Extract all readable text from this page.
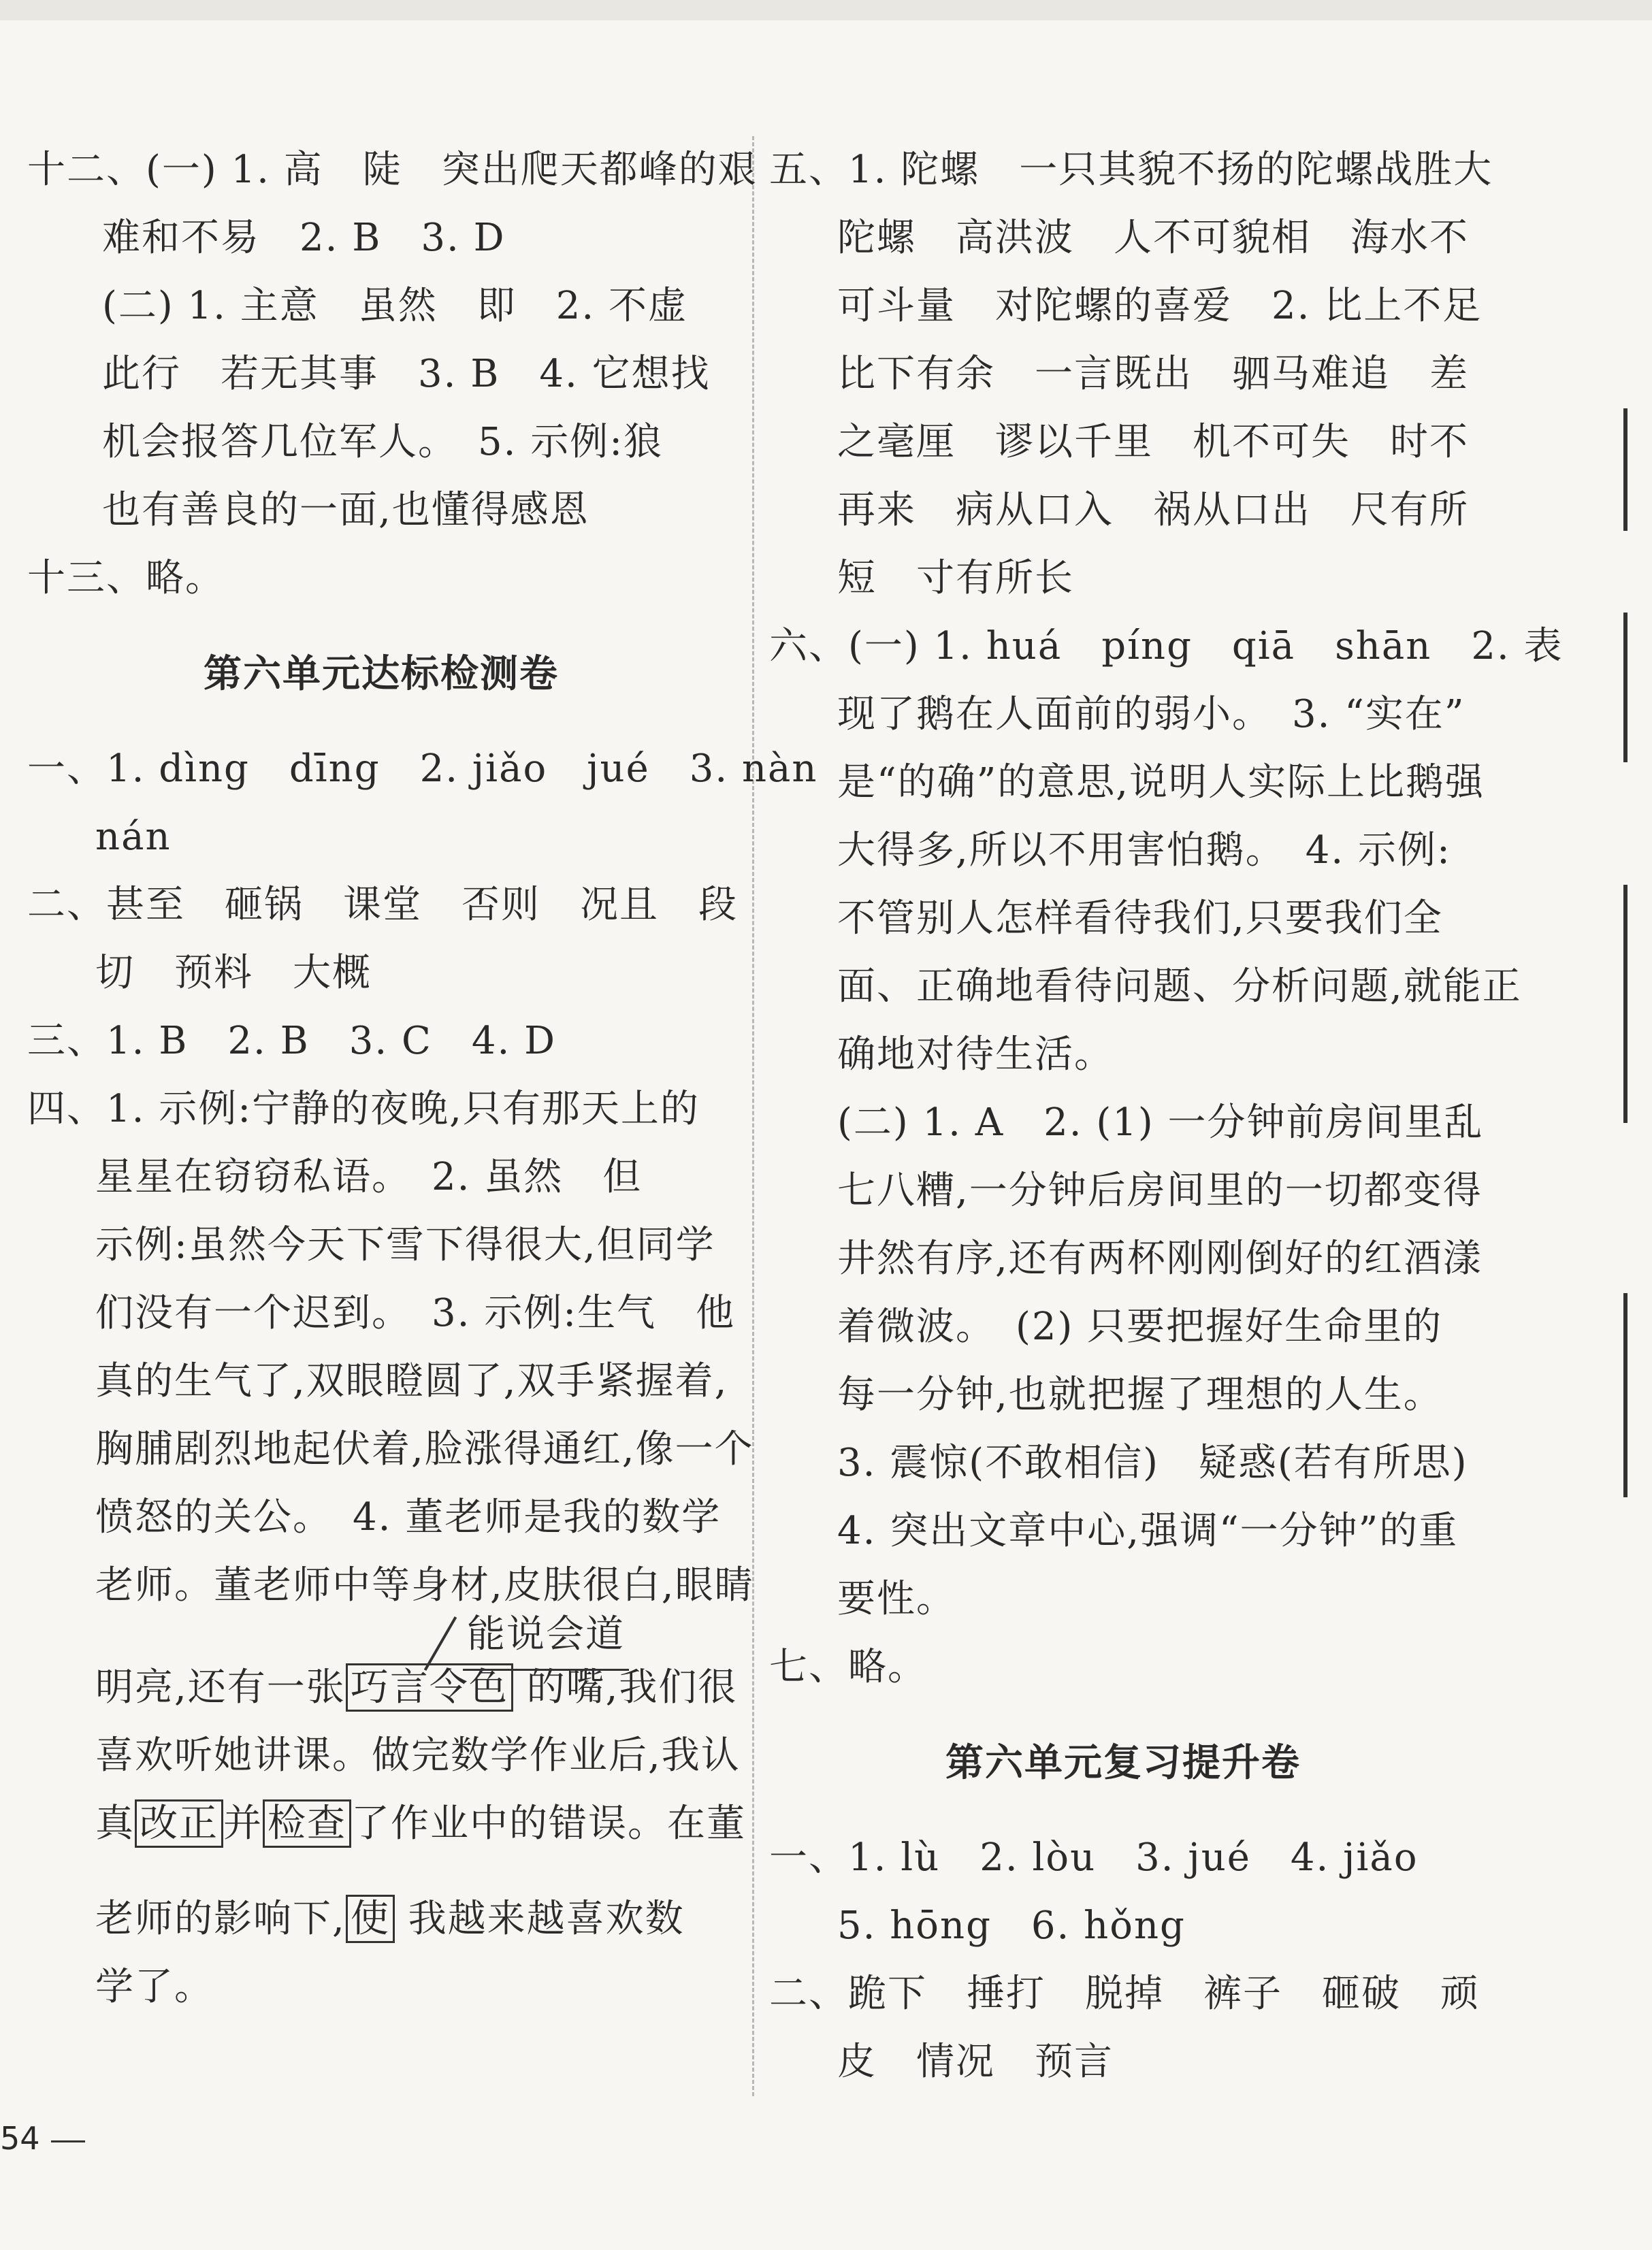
十二、(一) 1. 高　陡　突出爬天都峰的艰
难和不易　2. B　3. D
(二) 1. 主意　虽然　即　2. 不虚
此行　若无其事　3. B　4. 它想找
机会报答几位军人。　5. 示例:狼
也有善良的一面,也懂得感恩
十三、略。
第六单元达标检测卷
一、1. dìng　dīng　2. jiǎo　jué　3. nàn
nán
二、甚至　砸锅　课堂　否则　况且　段
切　预料　大概
三、1. B　2. B　3. C　4. D
四、1. 示例:宁静的夜晚,只有那天上的
星星在窃窃私语。　2. 虽然　但
示例:虽然今天下雪下得很大,但同学
们没有一个迟到。　3. 示例:生气　他
真的生气了,双眼瞪圆了,双手紧握着,
胸脯剧烈地起伏着,脸涨得通红,像一个
愤怒的关公。　4. 董老师是我的数学
老师。董老师中等身材,皮肤很白,眼睛
能说会道
明亮,还有一张 巧言令色 的嘴,我们很
喜欢听她讲课。做完数学作业后,我认
真 改正 并 检查 了作业中的错误。在董
老师的影响下, 使 我越来越喜欢数
学了。
五、1. 陀螺　一只其貌不扬的陀螺战胜大
陀螺　高洪波　人不可貌相　海水不
可斗量　对陀螺的喜爱　2. 比上不足
比下有余　一言既出　驷马难追　差
之毫厘　谬以千里　机不可失　时不
再来　病从口入　祸从口出　尺有所
短　寸有所长
六、(一) 1. huá　píng　qiā　shān　2. 表
现了鹅在人面前的弱小。　3. “实在”
是“的确”的意思,说明人实际上比鹅强
大得多,所以不用害怕鹅。　4. 示例:
不管别人怎样看待我们,只要我们全
面、正确地看待问题、分析问题,就能正
确地对待生活。
(二) 1. A　2. (1) 一分钟前房间里乱
七八糟,一分钟后房间里的一切都变得
井然有序,还有两杯刚刚倒好的红酒漾
着微波。　(2) 只要把握好生命里的
每一分钟,也就把握了理想的人生。
3. 震惊(不敢相信)　疑惑(若有所思)
4. 突出文章中心,强调“一分钟”的重
要性。
七、略。
第六单元复习提升卷
一、1. lù　2. lòu　3. jué　4. jiǎo
5. hōng　6. hǒng
二、跪下　捶打　脱掉　裤子　砸破　顽
皮　情况　预言
54
